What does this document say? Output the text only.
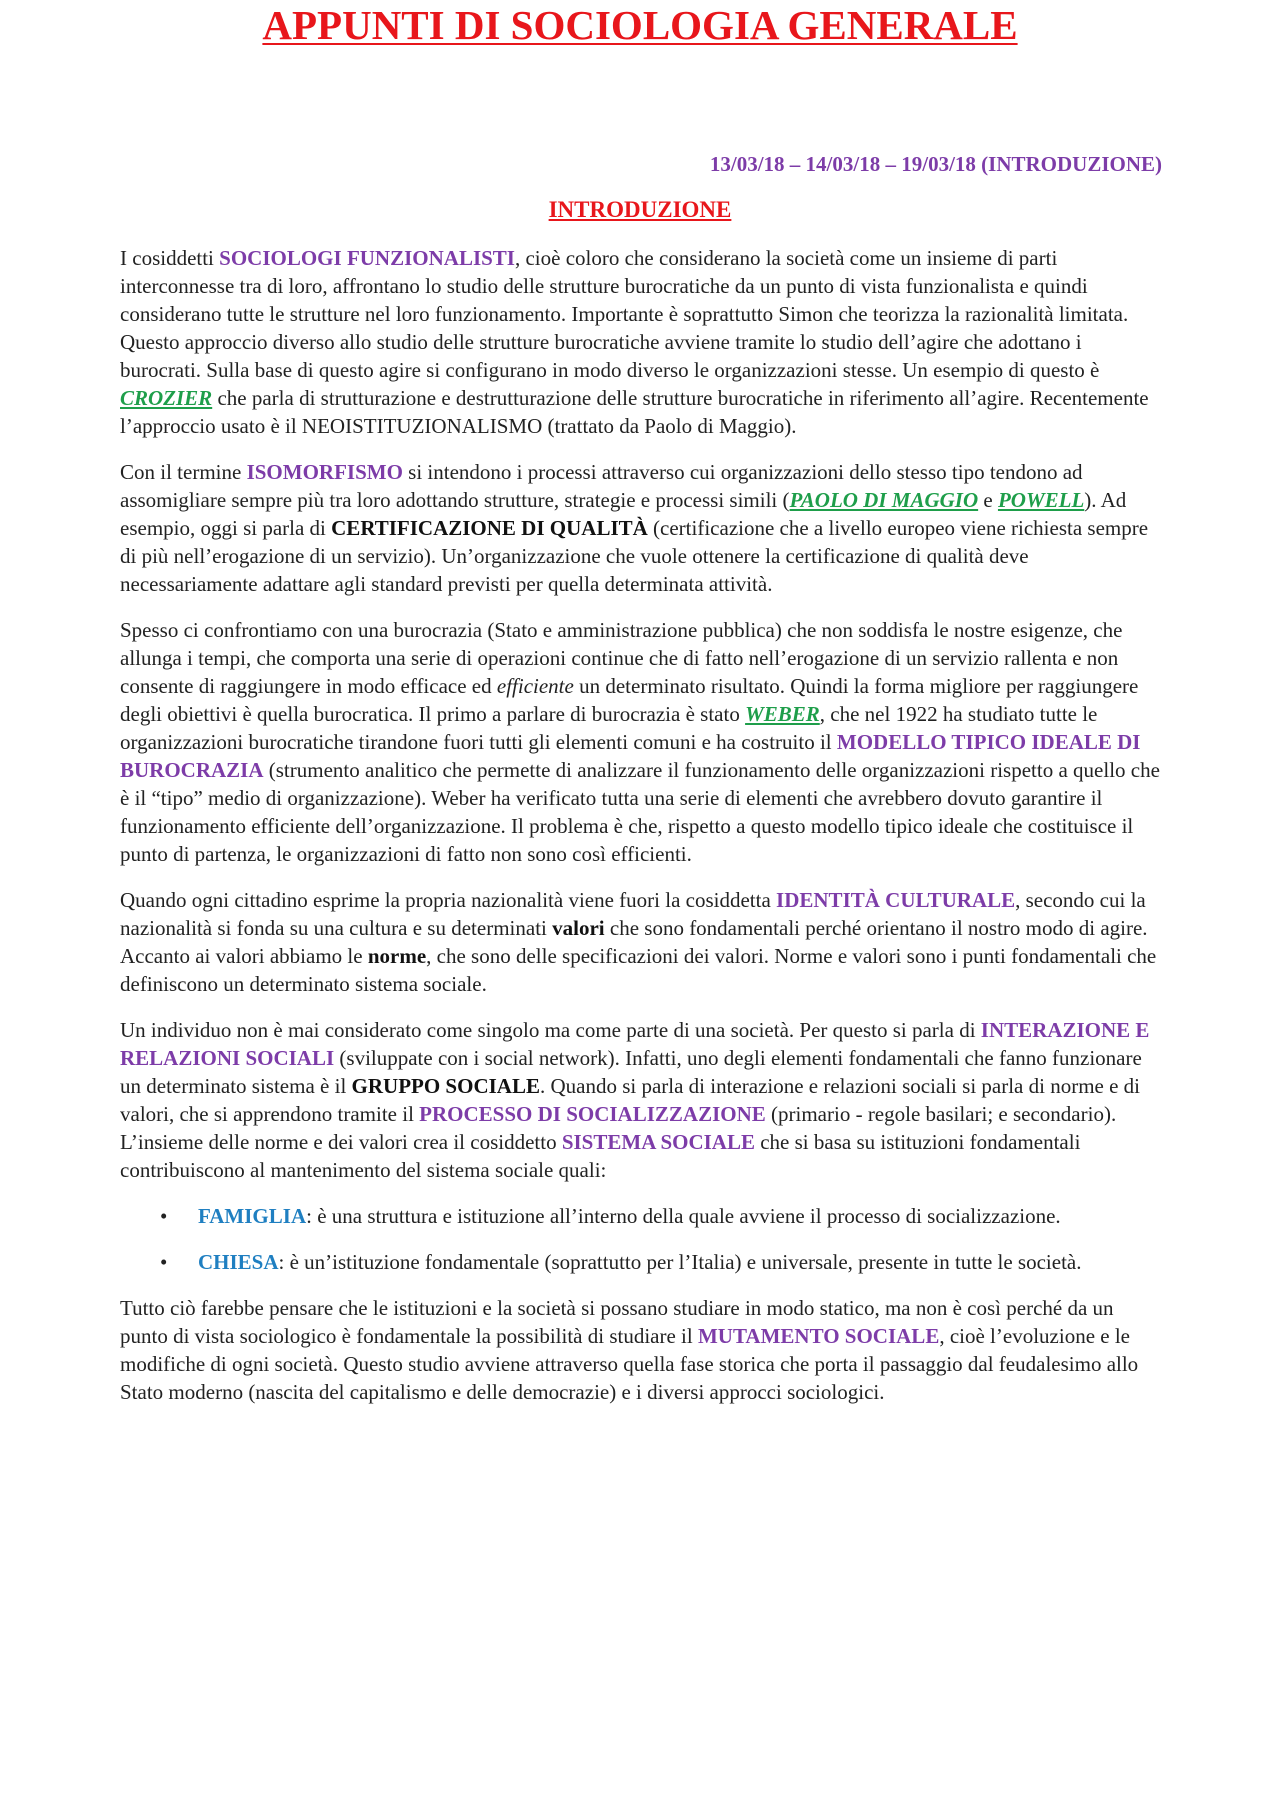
APPUNTI DI SOCIOLOGIA GENERALE
13/03/18 – 14/03/18 – 19/03/18 (INTRODUZIONE)
INTRODUZIONE

I cosiddetti SOCIOLOGI FUNZIONALISTI, cioè coloro che considerano la società come un insieme di parti interconnesse tra di loro, affrontano lo studio delle strutture burocratiche da un punto di vista funzionalista e quindi considerano tutte le strutture nel loro funzionamento. Importante è soprattutto Simon che teorizza la razionalità limitata. Questo approccio diverso allo studio delle strutture burocratiche avviene tramite lo studio dell’agire che adottano i burocrati. Sulla base di questo agire si configurano in modo diverso le organizzazioni stesse. Un esempio di questo è CROZIER che parla di strutturazione e destrutturazione delle strutture burocratiche in riferimento all’agire. Recentemente l’approccio usato è il NEOISTITUZIONALISMO (trattato da Paolo di Maggio).

Con il termine ISOMORFISMO si intendono i processi attraverso cui organizzazioni dello stesso tipo tendono ad assomigliare sempre più tra loro adottando strutture, strategie e processi simili (PAOLO DI MAGGIO e POWELL). Ad esempio, oggi si parla di CERTIFICAZIONE DI QUALITÀ (certificazione che a livello europeo viene richiesta sempre di più nell’erogazione di un servizio). Un’organizzazione che vuole ottenere la certificazione di qualità deve necessariamente adattare agli standard previsti per quella determinata attività.

Spesso ci confrontiamo con una burocrazia (Stato e amministrazione pubblica) che non soddisfa le nostre esigenze, che allunga i tempi, che comporta una serie di operazioni continue che di fatto nell’erogazione di un servizio rallenta e non consente di raggiungere in modo efficace ed efficiente un determinato risultato. Quindi la forma migliore per raggiungere degli obiettivi è quella burocratica. Il primo a parlare di burocrazia è stato WEBER, che nel 1922 ha studiato tutte le organizzazioni burocratiche tirandone fuori tutti gli elementi comuni e ha costruito il MODELLO TIPICO IDEALE DI BUROCRAZIA (strumento analitico che permette di analizzare il funzionamento delle organizzazioni rispetto a quello che è il “tipo” medio di organizzazione). Weber ha verificato tutta una serie di elementi che avrebbero dovuto garantire il funzionamento efficiente dell’organizzazione. Il problema è che, rispetto a questo modello tipico ideale che costituisce il punto di partenza, le organizzazioni di fatto non sono così efficienti.

Quando ogni cittadino esprime la propria nazionalità viene fuori la cosiddetta IDENTITÀ CULTURALE, secondo cui la nazionalità si fonda su una cultura e su determinati valori che sono fondamentali perché orientano il nostro modo di agire. Accanto ai valori abbiamo le norme, che sono delle specificazioni dei valori. Norme e valori sono i punti fondamentali che definiscono un determinato sistema sociale.

Un individuo non è mai considerato come singolo ma come parte di una società. Per questo si parla di INTERAZIONE E RELAZIONI SOCIALI (sviluppate con i social network). Infatti, uno degli elementi fondamentali che fanno funzionare un determinato sistema è il GRUPPO SOCIALE. Quando si parla di interazione e relazioni sociali si parla di norme e di valori, che si apprendono tramite il PROCESSO DI SOCIALIZZAZIONE (primario - regole basilari; e secondario). L’insieme delle norme e dei valori crea il cosiddetto SISTEMA SOCIALE che si basa su istituzioni fondamentali contribuiscono al mantenimento del sistema sociale quali:

• FAMIGLIA: è una struttura e istituzione all’interno della quale avviene il processo di socializzazione.
• CHIESA: è un’istituzione fondamentale (soprattutto per l’Italia) e universale, presente in tutte le società.

Tutto ciò farebbe pensare che le istituzioni e la società si possano studiare in modo statico, ma non è così perché da un punto di vista sociologico è fondamentale la possibilità di studiare il MUTAMENTO SOCIALE, cioè l’evoluzione e le modifiche di ogni società. Questo studio avviene attraverso quella fase storica che porta il passaggio dal feudalesimo allo Stato moderno (nascita del capitalismo e delle democrazie) e i diversi approcci sociologici.
